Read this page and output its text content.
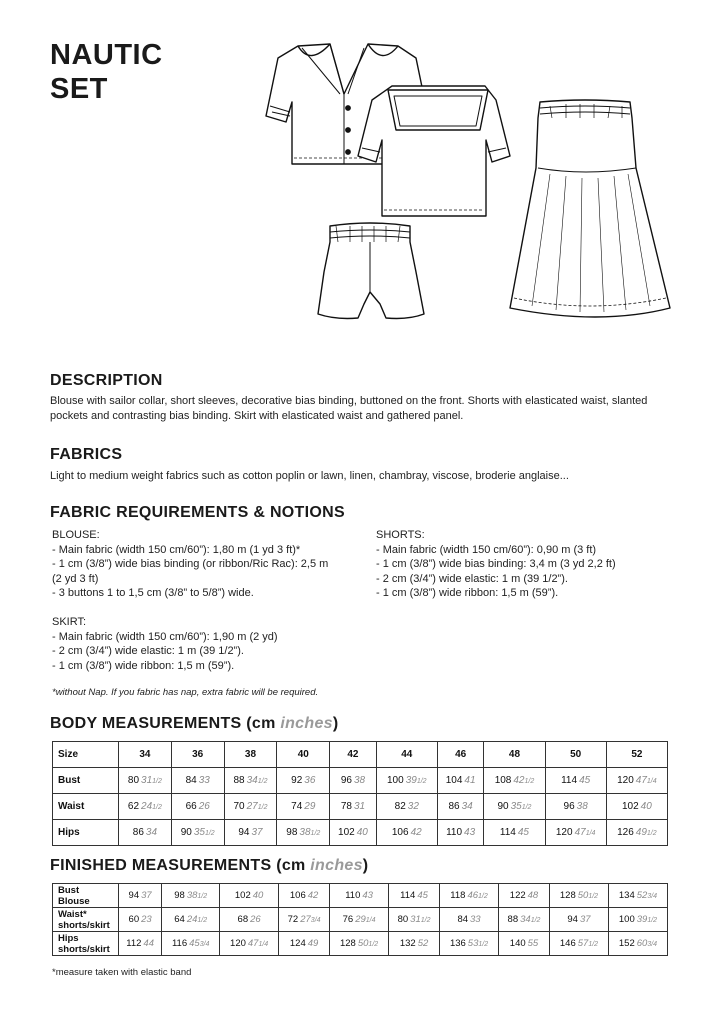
NAUTIC
SET
DESCRIPTION
Blouse with sailor collar, short sleeves, decorative bias binding, buttoned on the front. Shorts with elasticated waist, slanted pockets and contrasting bias binding. Skirt with elasticated waist and gathered panel.
FABRICS
Light to medium weight fabrics such as cotton poplin or lawn, linen, chambray, viscose, broderie anglaise...
FABRIC REQUIREMENTS & NOTIONS
BLOUSE:
- Main fabric (width 150 cm/60”): 1,80 m (1 yd 3 ft)*
- 1 cm (3/8”) wide bias binding (or ribbon/Ric Rac): 2,5 m
(2 yd 3 ft)
- 3 buttons 1 to 1,5 cm (3/8” to 5/8”) wide.
SKIRT:
- Main fabric (width 150 cm/60”): 1,90 m (2 yd)
- 2 cm (3/4”) wide elastic: 1 m (39 1/2”).
- 1 cm (3/8”) wide ribbon: 1,5 m (59”).
SHORTS:
- Main fabric (width 150 cm/60”): 0,90 m (3 ft)
- 1 cm (3/8”) wide bias binding: 3,4 m (3 yd 2,2 ft)
- 2 cm (3/4”) wide elastic: 1 m (39 1/2”).
- 1 cm (3/8”) wide ribbon: 1,5 m (59”).
*without Nap. If you fabric has nap, extra fabric will be required.
BODY MEASUREMENTS (cm inches)
Size	34	36	38	40	42	44	46	48	50	52
Bust	80 311/2	84 33	88 341/2	92 36	96 38	100 391/2	104 41	108 421/2	114 45	120 471/4
Waist	62 241/2	66 26	70 271/2	74 29	78 31	82 32	86 34	90 351/2	96 38	102 40
Hips	86 34	90 351/2	94 37	98 381/2	102 40	106 42	110 43	114 45	120 471/4	126 491/2
FINISHED MEASUREMENTS (cm inches)
Bust
Blouse	94 37	98 381/2	102 40	106 42	110 43	114 45	118 461/2	122 48	128 501/2	134 523/4

Waist*
shorts/skirt	60 23	64 241/2	68 26	72 273/4	76 291/4	80 311/2	84 33	88 341/2	94 37	100 391/2

Hips
shorts/skirt	112 44	116 453/4	120 471/4	124 49	128 501/2	132 52	136 531/2	140 55	146 571/2	152 603/4
*measure taken with elastic band
